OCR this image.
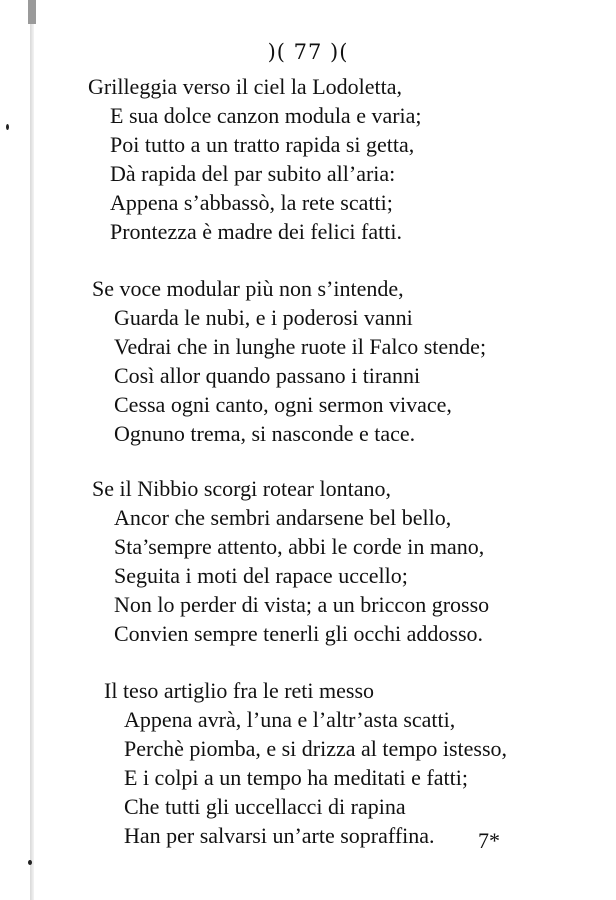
)( 77 )(
Grilleggia verso il ciel la Lodoletta,
E sua dolce canzon modula e varia;
Poi tutto a un tratto rapida si getta,
Dà rapida del par subito all’aria:
Appena s’abbassò, la rete scatti;
Prontezza è madre dei felici fatti.
Se voce modular più non s’intende,
Guarda le nubi, e i poderosi vanni
Vedrai che in lunghe ruote il Falco stende;
Così allor quando passano i tiranni
Cessa ogni canto, ogni sermon vivace,
Ognuno trema, si nasconde e tace.
Se il Nibbio scorgi rotear lontano,
Ancor che sembri andarsene bel bello,
Sta’sempre attento, abbi le corde in mano,
Seguita i moti del rapace uccello;
Non lo perder di vista; a un briccon grosso
Convien sempre tenerli gli occhi addosso.
Il teso artiglio fra le reti messo
Appena avrà, l’una e l’altr’asta scatti,
Perchè piomba, e si drizza al tempo istesso,
E i colpi a un tempo ha meditati e fatti;
Che tutti gli uccellacci di rapina
Han per salvarsi un’arte sopraffina. 7*
